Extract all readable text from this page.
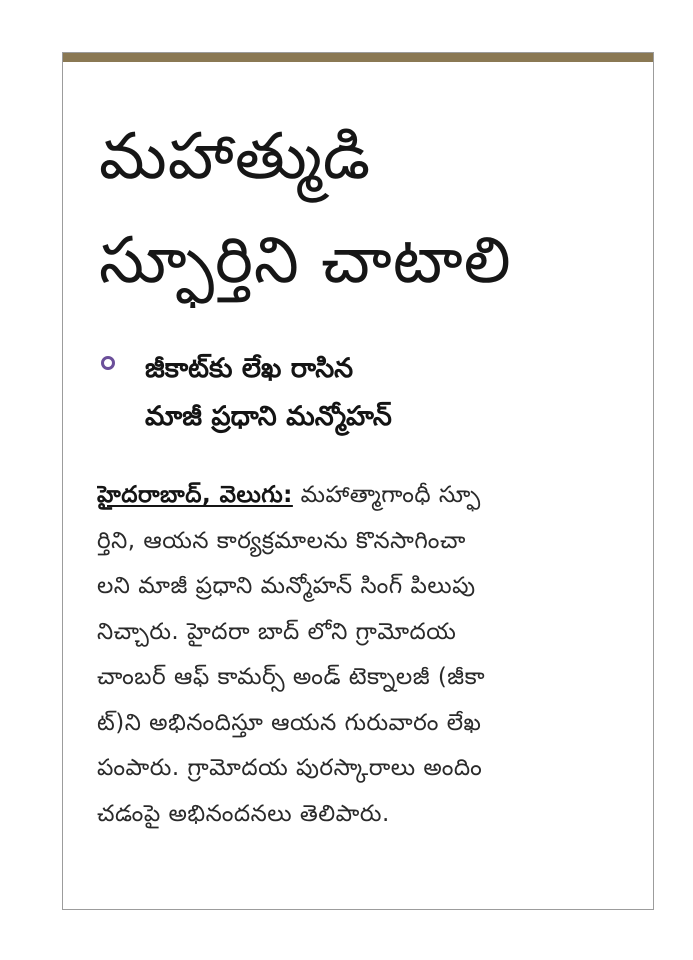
మహాత్ముడి
స్ఫూర్తిని చాటాలి
జీకాట్‌కు లేఖ రాసిన
మాజీ ప్రధాని మన్మోహన్
హైదరాబాద్, వెలుగు: మహాత్మాగాంధీ స్ఫూ
ర్తిని, ఆయన కార్యక్రమాలను కొనసాగించా
లని మాజీ ప్రధాని మన్మోహన్ సింగ్ పిలుపు
నిచ్చారు. హైదరా బాద్ లోని గ్రామోదయ
చాంబర్ ఆఫ్ కామర్స్ అండ్ టెక్నాలజీ (జీకా
ట్)ని అభినందిస్తూ ఆయన గురువారం లేఖ
పంపారు. గ్రామోదయ పురస్కారాలు అందిం
చడంపై అభినందనలు తెలిపారు.
